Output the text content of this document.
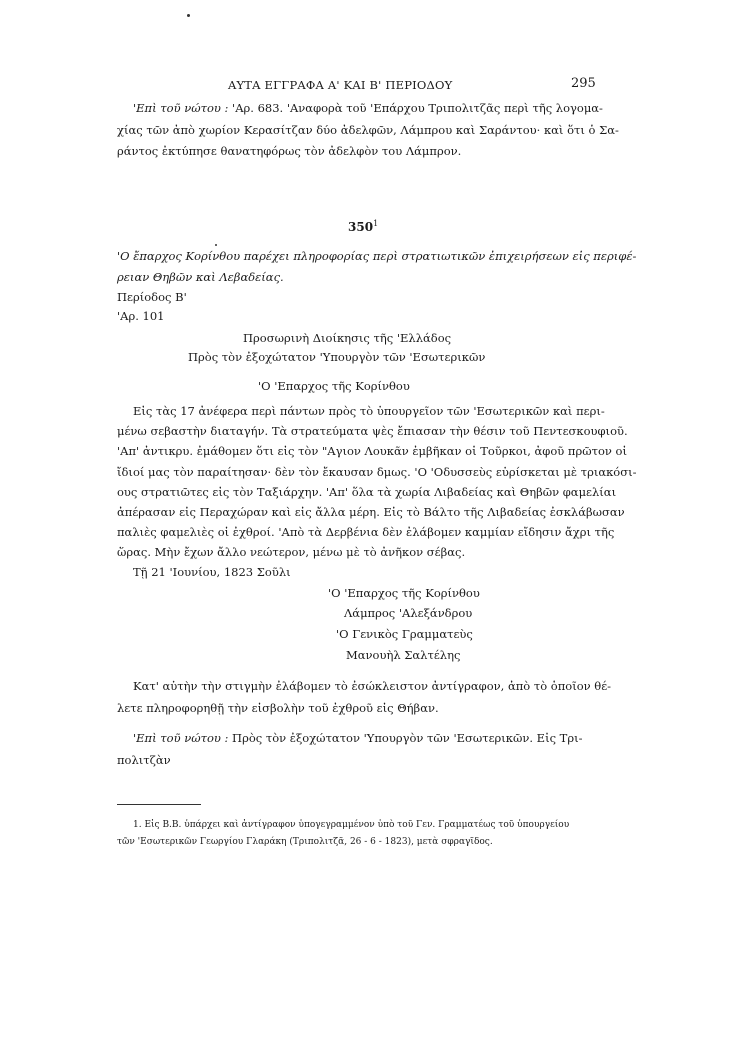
ΑΥΤΑ ΕΓΓΡΑΦΑ Α' ΚΑΙ Β' ΠΕΡΙΟΔΟΥ	295
'Επὶ τοῦ νώτου : 'Αρ. 683. 'Αναφορὰ τοῦ 'Επάρχου Τριπολιτζᾶς περὶ τῆς λογομα-
χίας τῶν ἀπὸ χωρίον Κερασίτζαν δύο ἀδελφῶν, Λάμπρου καὶ Σαράντου· καὶ ὅτι ὁ Σα-
ράντος ἐκτύπησε θανατηφόρως τὸν ἀδελφὸν του Λάμπρον.
$350^1$
'Ο ἔπαρχος Κορίνθου παρέχει πληροφορίας περὶ στρατιωτικῶν ἐπιχειρήσεων εἰς περιφέ-
ρειαν Θηβῶν καὶ Λεβαδείας.
Περίοδος Β'
'Αρ. 101
Προσωρινὴ Διοίκησις τῆς 'Ελλάδος
Πρὸς τὸν ἐξοχώτατον 'Υπουργὸν τῶν 'Εσωτερικῶν
'Ο 'Επαρχος τῆς Κορίνθου
Εἰς τὰς 17 ἀνέφερα περὶ πάντων πρὸς τὸ ὑπουργεῖον τῶν 'Εσωτερικῶν καὶ περι-
μένω σεβαστὴν διαταγήν. Τὰ στρατεύματα ψὲς ἔπιασαν τὴν θέσιν τοῦ Πεντεσκουφιοῦ.
'Απ' ἀντικρυ. ἐμάθομεν ὅτι εἰς τὸν "Αγιον Λουκᾶν ἐμβῆκαν οἱ Τοῦρκοι, ἀφοῦ πρῶτον οἱ
ἴδιοί μας τὸν παραίτησαν· δὲν τὸν ἔκαυσαν δμως. 'Ο 'Οδυσσεὺς εὑρίσκεται μὲ τριακόσι-
ους στρατιῶτες εἰς τὸν Ταξιάρχην. 'Απ' ὅλα τὰ χωρία Λιβαδείας καὶ Θηβῶν φαμελίαι
ἀπέρασαν εἰς Περαχώραν καὶ εἰς ἄλλα μέρη. Εἰς τὸ Βάλτο τῆς Λιβαδείας ἐσκλάβωσαν
παλιὲς φαμελιὲς οἱ ἐχθροί. 'Απὸ τὰ Δερβένια δὲν ἐλάβομεν καμμίαν εἴδησιν ἄχρι τῆς
ὥρας. Μὴν ἔχων ἄλλο νεώτερον, μένω μὲ τὸ ἀνῆκον σέβας.
Τῇ 21 'Ιουνίου, 1823 Σοῦλι
'Ο 'Επαρχος τῆς Κορίνθου
Λάμπρος 'Αλεξάνδρου
'Ο Γενικὸς Γραμματεὺς
Μανουὴλ Σαλτέλης
Κατ' αὐτὴν τὴν στιγμὴν ἐλάβομεν τὸ ἐσώκλειστον ἀντίγραφον, ἀπὸ τὸ ὁποῖον θέ-
λετε πληροφορηθῇ τὴν εἰσβολὴν τοῦ ἐχθροῦ εἰς Θήβαν.
'Επὶ τοῦ νώτου : Πρὸς τὸν ἐξοχώτατον 'Υπουργὸν τῶν 'Εσωτερικῶν. Εἰς Τρι-
πολιτζὰν
1. Εἰς Β.Β. ὑπάρχει καὶ ἀντίγραφον ὑπογεγραμμένον ὑπὸ τοῦ Γεν. Γραμματέως τοῦ ὑπουργείου
τῶν 'Εσωτερικῶν Γεωργίου Γλαράκη (Τριπολιτζᾶ, 26 - 6 - 1823), μετὰ σφραγῖδος.
